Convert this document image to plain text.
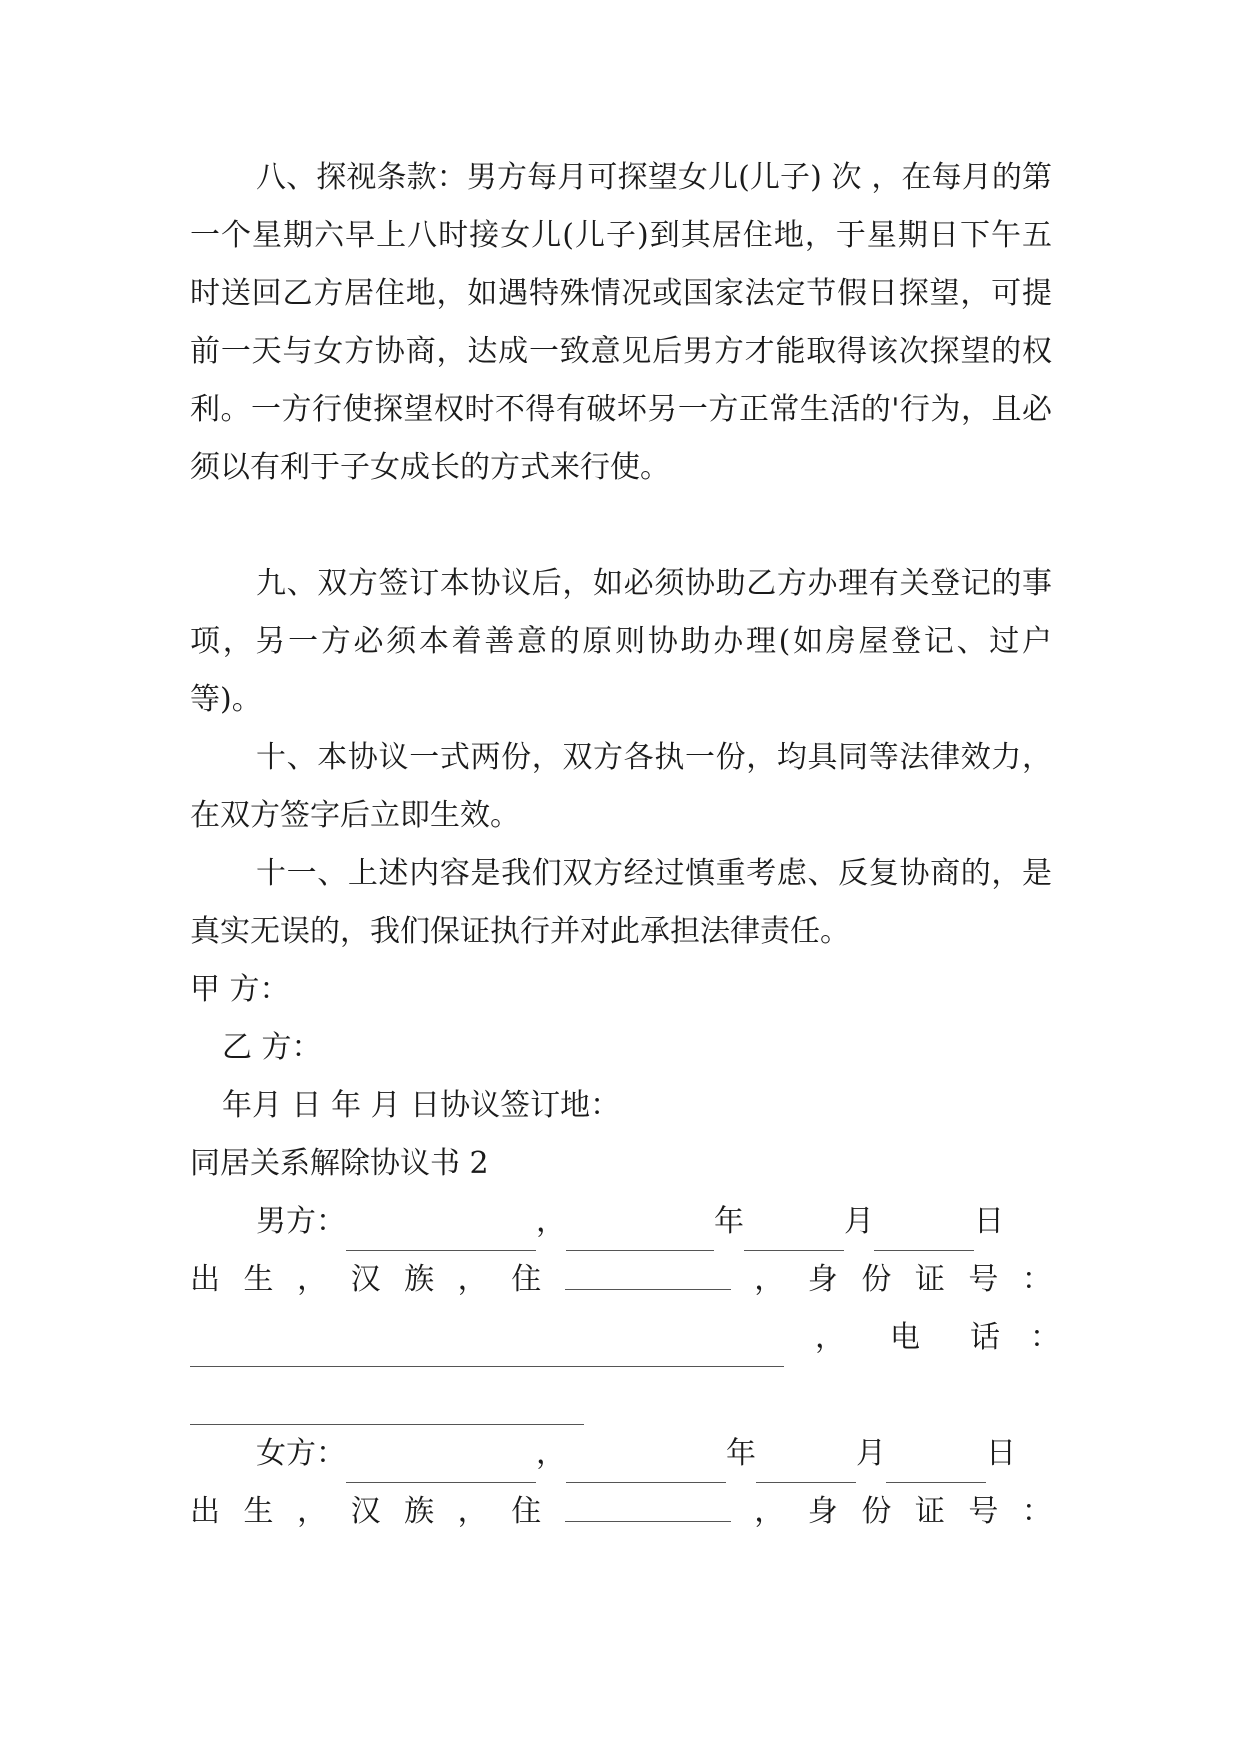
八、探视条款：男方每月可探望女儿(儿子) 次 ，在每月的第一个星期六早上八时接女儿(儿子)到其居住地，于星期日下午五时送回乙方居住地，如遇特殊情况或国家法定节假日探望，可提前一天与女方协商，达成一致意见后男方才能取得该次探望的权利。一方行使探望权时不得有破坏另一方正常生活的'行为，且必须以有利于子女成长的方式来行使。

九、双方签订本协议后，如必须协助乙方办理有关登记的事项，另一方必须本着善意的原则协助办理(如房屋登记、过户等)。

十、本协议一式两份，双方各执一份，均具同等法律效力，在双方签字后立即生效。

十一、上述内容是我们双方经过慎重考虑、反复协商的，是真实无误的，我们保证执行并对此承担法律责任。

甲 方：
乙 方：
年月 日 年 月 日协议签订地：
同居关系解除协议书 2
男方：	，	年	月	日
出 生 ， 汉 族 ， 住	， 身 份 证 号 ：
， 电 话 ：
女方：	，	年	月	日
出 生 ， 汉 族 ， 住	， 身 份 证 号 ：
